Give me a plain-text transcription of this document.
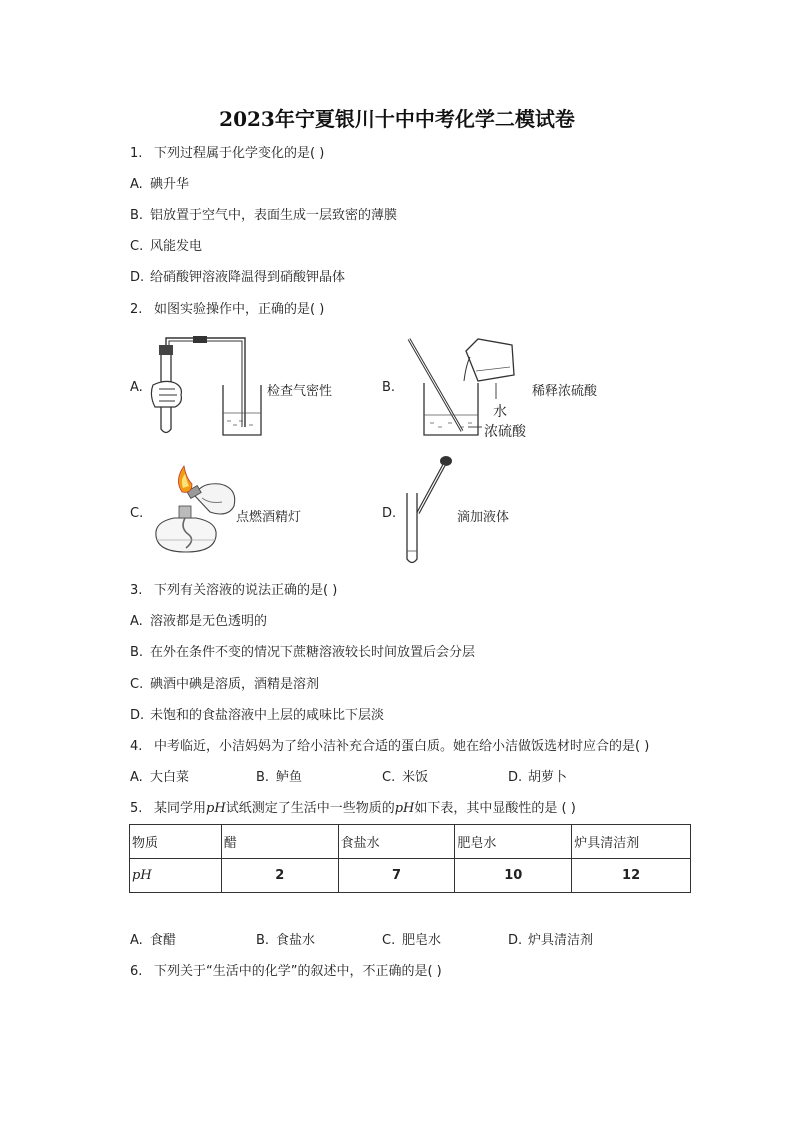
2023年宁夏银川十中中考化学二模试卷
1. 下列过程属于化学变化的是( )
A. 碘升华
B. 铝放置于空气中，表面生成一层致密的薄膜
C. 风能发电
D. 给硝酸钾溶液降温得到硝酸钾晶体
2. 如图实验操作中，正确的是( )
A.	检查气密性	B.	稀释浓硫酸
水
浓硫酸
C.	点燃酒精灯	D.	滴加液体
3. 下列有关溶液的说法正确的是( )
A. 溶液都是无色透明的
B. 在外在条件不变的情况下蔗糖溶液较长时间放置后会分层
C. 碘酒中碘是溶质，酒精是溶剂
D. 未饱和的食盐溶液中上层的咸味比下层淡
4. 中考临近，小洁妈妈为了给小洁补充合适的蛋白质。她在给小洁做饭选材时应合的是( )
A. 大白菜	B. 鲈鱼	C. 米饭	D. 胡萝卜
5. 某同学用pH试纸测定了生活中一些物质的pH如下表，其中显酸性的是 ( )
物质	醋	食盐水	肥皂水	炉具清洁剂
pH	2	7	10	12
A. 食醋	B. 食盐水	C. 肥皂水	D. 炉具清洁剂
6. 下列关于“生活中的化学”的叙述中，不正确的是( )
